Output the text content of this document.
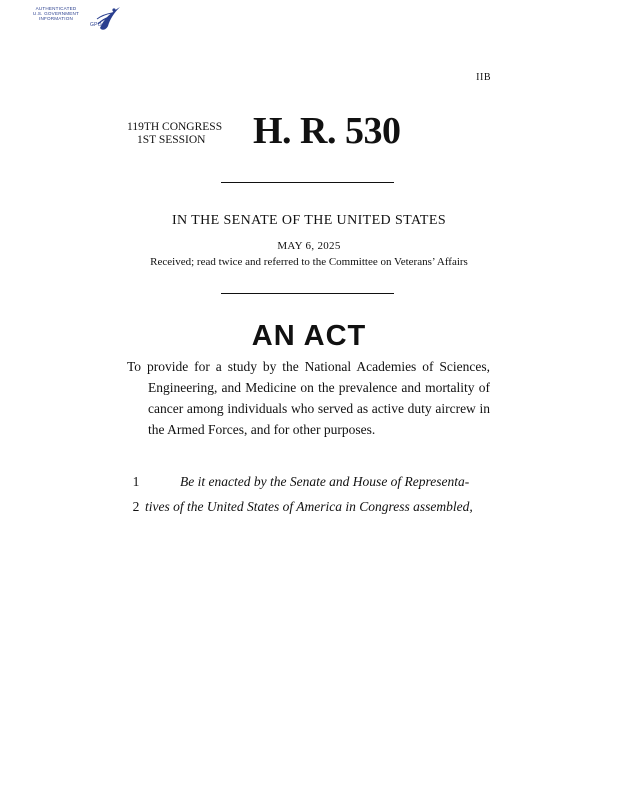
AUTHENTICATED
U.S. GOVERNMENT
INFORMATION
GPO
IIB
119TH CONGRESS
1ST SESSION	H. R. 530
IN THE SENATE OF THE UNITED STATES
MAY 6, 2025
Received; read twice and referred to the Committee on Veterans’ Affairs
AN ACT

To provide for a study by the National Academies of Sciences, Engineering, and Medicine on the prevalence and mortality of cancer among individuals who served as active duty aircrew in the Armed Forces, and for other purposes.

1	Be it enacted by the Senate and House of Representa-
2 tives of the United States of America in Congress assembled,
